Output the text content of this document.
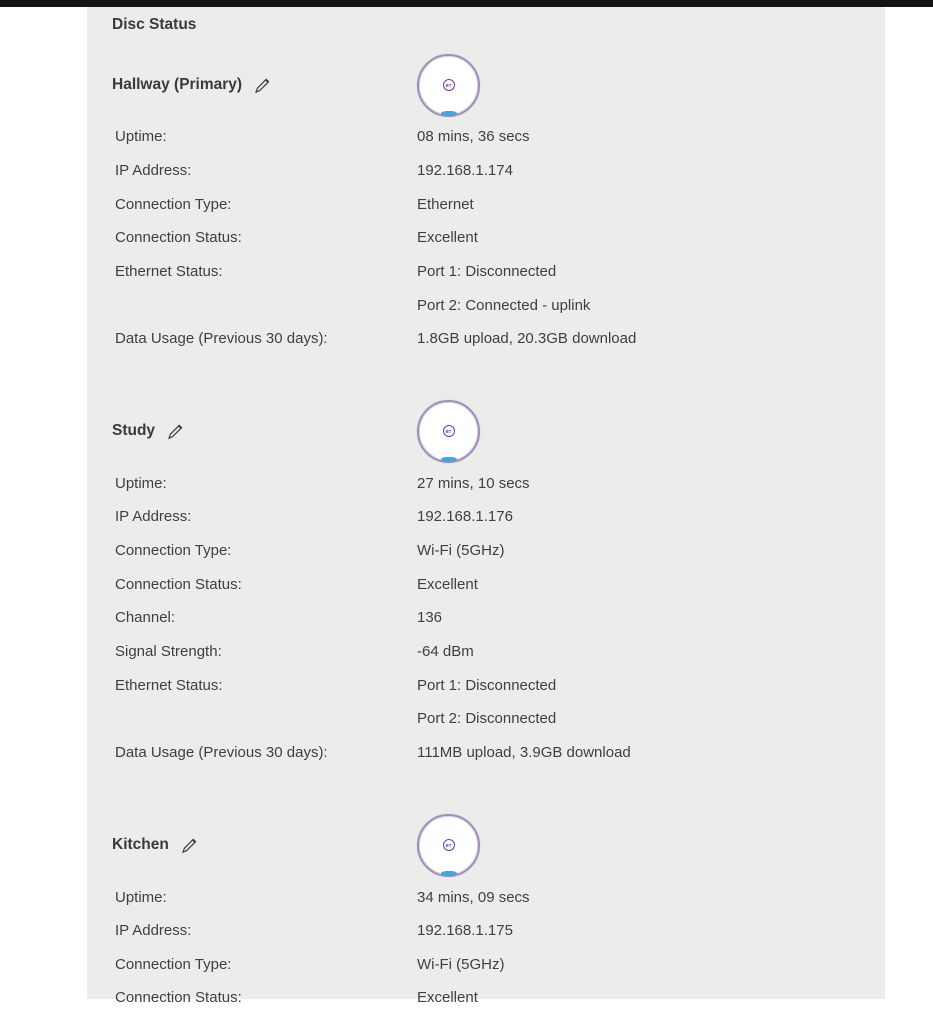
Disc Status
Hallway (Primary)	BT
Uptime:	08 mins, 36 secs
IP Address:	192.168.1.174
Connection Type:	Ethernet
Connection Status:	Excellent
Ethernet Status:	Port 1: Disconnected
Port 2: Connected - uplink
Data Usage (Previous 30 days):	1.8GB upload, 20.3GB download
Study	BT
Uptime:	27 mins, 10 secs
IP Address:	192.168.1.176
Connection Type:	Wi-Fi (5GHz)
Connection Status:	Excellent
Channel:	136
Signal Strength:	-64 dBm
Ethernet Status:	Port 1: Disconnected
Port 2: Disconnected
Data Usage (Previous 30 days):	111MB upload, 3.9GB download
Kitchen	BT
Uptime:	34 mins, 09 secs
IP Address:	192.168.1.175
Connection Type:	Wi-Fi (5GHz)
Connection Status:	Excellent
